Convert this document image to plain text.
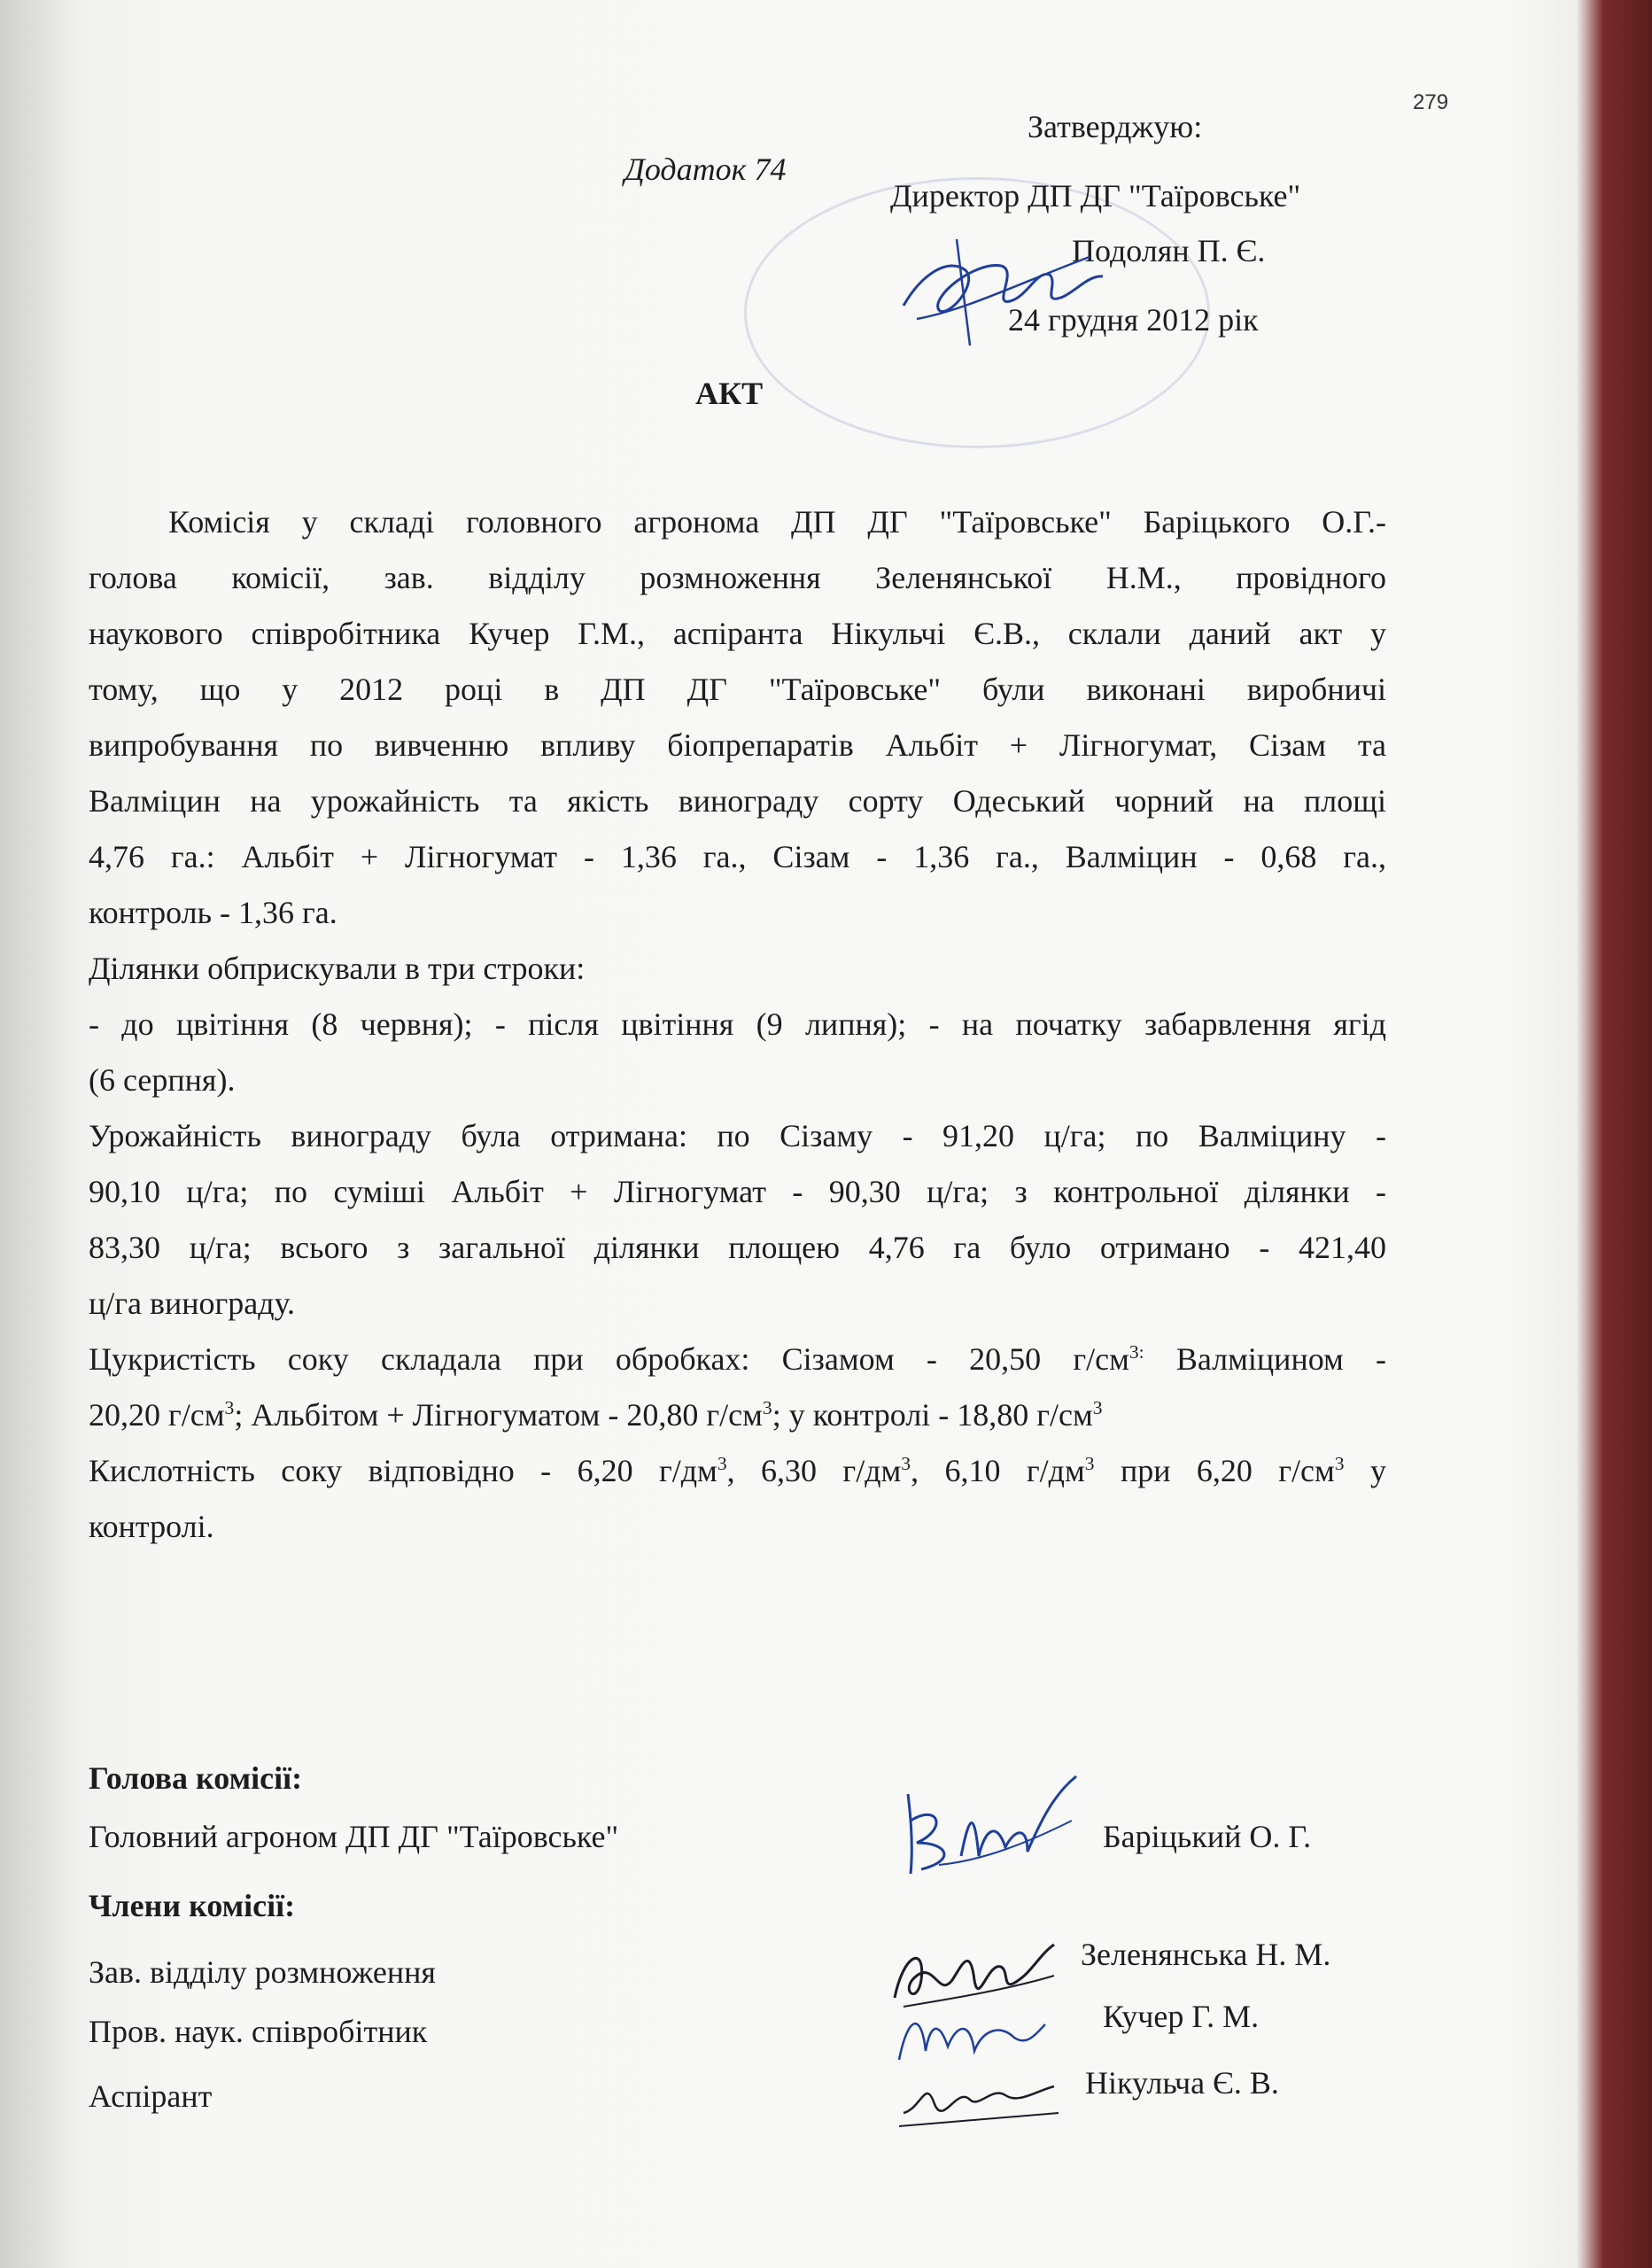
279
Затверджую:
Додаток 74
Директор ДП ДГ "Таїровське"
Подолян П. Є.
24 грудня 2012 рік
АКТ
Комісія у складі головного агронома ДП ДГ "Таїровське" Баріцького О.Г.-
голова комісії, зав. відділу розмноження Зеленянської Н.М., провідного
наукового співробітника Кучер Г.М., аспіранта Нікульчі Є.В., склали даний акт у
тому, що у 2012 році в ДП ДГ "Таїровське" були виконані виробничі
випробування по вивченню впливу біопрепаратів Альбіт + Лігногумат, Сізам та
Валміцин на урожайність та якість винограду сорту Одеський чорний на площі
4,76 га.: Альбіт + Лігногумат - 1,36 га., Сізам - 1,36 га., Валміцин - 0,68 га.,
контроль - 1,36 га.
Ділянки обприскували в три строки:
- до цвітіння (8 червня); - після цвітіння (9 липня); - на початку забарвлення ягід
(6 серпня).
Урожайність винограду була отримана: по Сізаму - 91,20 ц/га; по Валміцину -
90,10 ц/га; по суміші Альбіт + Лігногумат - 90,30 ц/га; з контрольної ділянки -
83,30 ц/га; всього з загальної ділянки площею 4,76 га було отримано - 421,40
ц/га винограду.
Цукристість соку складала при обробках: Сізамом - 20,50 $г/см^{3:}$ Валміцином -
20,20 $г/см^3$; Альбітом + Лігногуматом - 20,80 $г/см^3$; у контролі - 18,80 $г/см^3$
Кислотність соку відповідно - 6,20 $г/дм^3$, 6,30 $г/дм^3$, 6,10 $г/дм^3$ при 6,20 $г/см^3$ у
контролі.
Голова комісії:
Головний агроном ДП ДГ "Таїровське"	Баріцький О. Г.
Члени комісії:
Зав. відділу розмноження	Зеленянська Н. М.
Пров. наук. співробітник	Кучер Г. М.
Аспірант	Нікульча Є. В.
